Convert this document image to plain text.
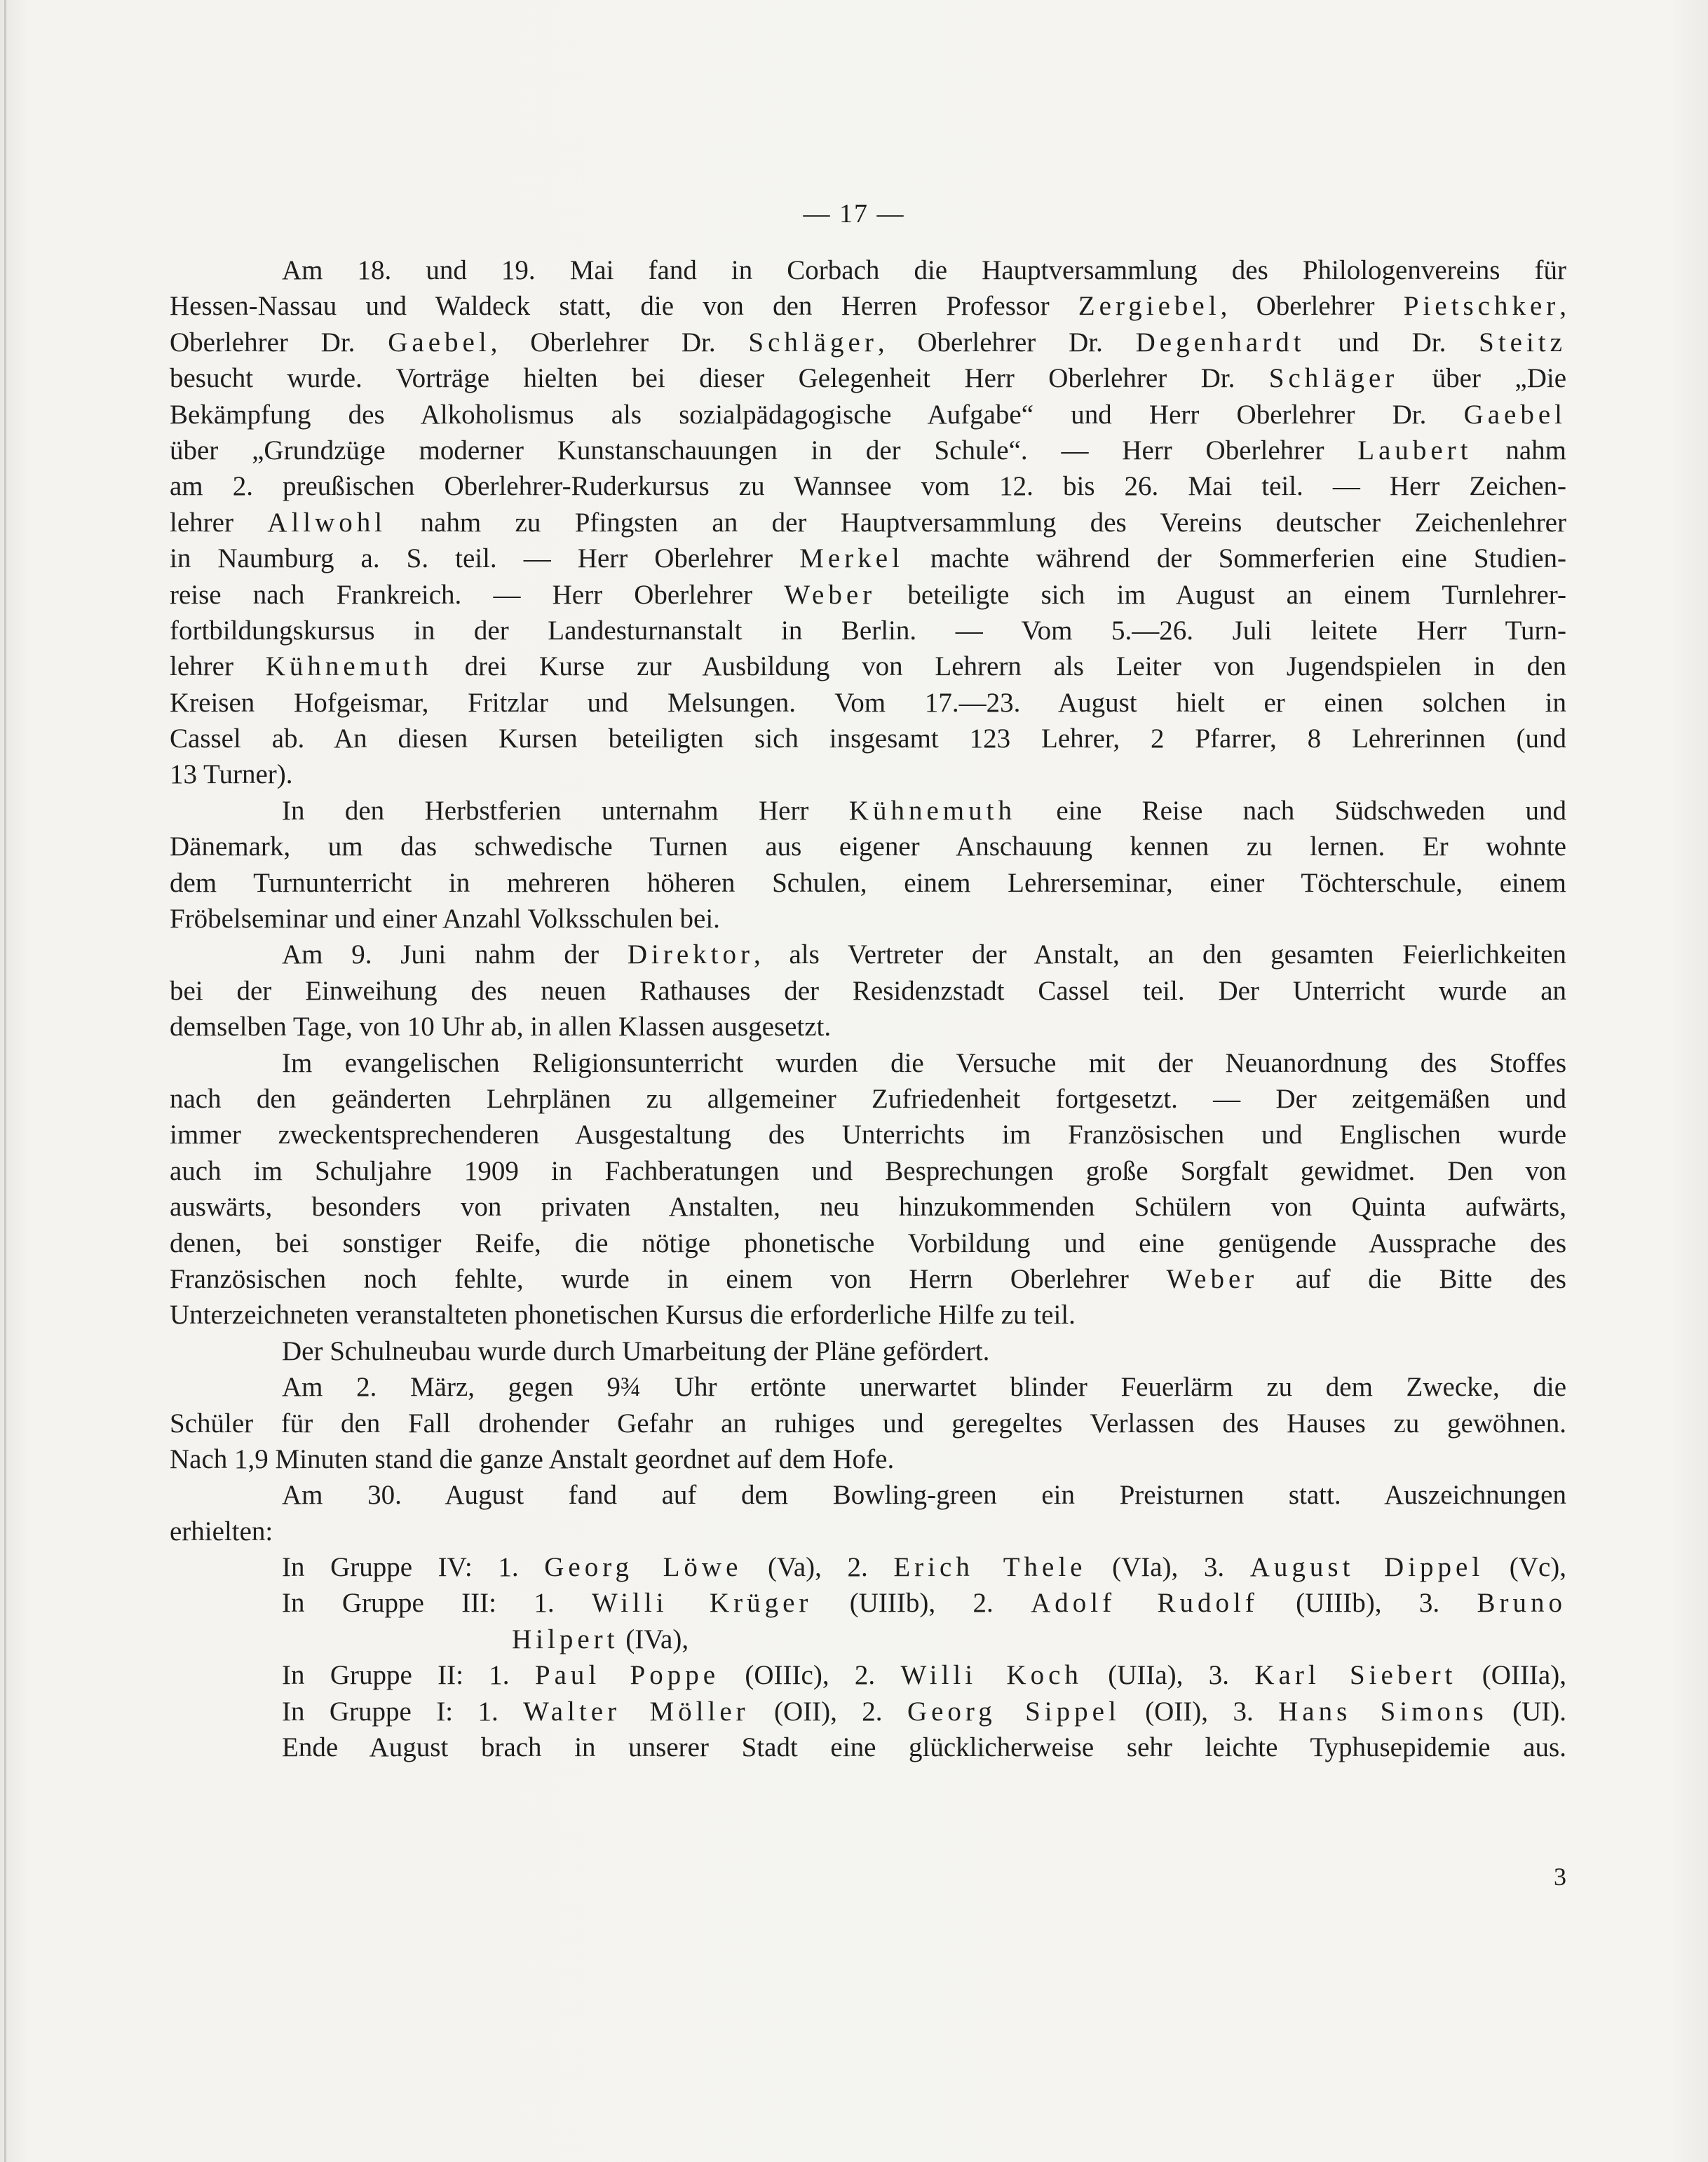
— 17 —
Am 18. und 19. Mai fand in Corbach die Hauptversammlung des Philologenvereins für
Hessen-Nassau und Waldeck statt, die von den Herren Professor Zergiebel, Oberlehrer Pietschker,
Oberlehrer Dr. Gaebel, Oberlehrer Dr. Schläger, Oberlehrer Dr. Degenhardt und Dr. Steitz
besucht wurde. Vorträge hielten bei dieser Gelegenheit Herr Oberlehrer Dr. Schläger über „Die
Bekämpfung des Alkoholismus als sozialpädagogische Aufgabe“ und Herr Oberlehrer Dr. Gaebel
über „Grundzüge moderner Kunstanschauungen in der Schule“. — Herr Oberlehrer Laubert nahm
am 2. preußischen Oberlehrer-Ruderkursus zu Wannsee vom 12. bis 26. Mai teil. — Herr Zeichen-
lehrer Allwohl nahm zu Pfingsten an der Hauptversammlung des Vereins deutscher Zeichenlehrer
in Naumburg a. S. teil. — Herr Oberlehrer Merkel machte während der Sommerferien eine Studien-
reise nach Frankreich. — Herr Oberlehrer Weber beteiligte sich im August an einem Turnlehrer-
fortbildungskursus in der Landesturnanstalt in Berlin. — Vom 5.—26. Juli leitete Herr Turn-
lehrer Kühnemuth drei Kurse zur Ausbildung von Lehrern als Leiter von Jugendspielen in den
Kreisen Hofgeismar, Fritzlar und Melsungen. Vom 17.—23. August hielt er einen solchen in
Cassel ab. An diesen Kursen beteiligten sich insgesamt 123 Lehrer, 2 Pfarrer, 8 Lehrerinnen (und
13 Turner).
In den Herbstferien unternahm Herr Kühnemuth eine Reise nach Südschweden und
Dänemark, um das schwedische Turnen aus eigener Anschauung kennen zu lernen. Er wohnte
dem Turnunterricht in mehreren höheren Schulen, einem Lehrerseminar, einer Töchterschule, einem
Fröbelseminar und einer Anzahl Volksschulen bei.
Am 9. Juni nahm der Direktor, als Vertreter der Anstalt, an den gesamten Feierlichkeiten
bei der Einweihung des neuen Rathauses der Residenzstadt Cassel teil. Der Unterricht wurde an
demselben Tage, von 10 Uhr ab, in allen Klassen ausgesetzt.
Im evangelischen Religionsunterricht wurden die Versuche mit der Neuanordnung des Stoffes
nach den geänderten Lehrplänen zu allgemeiner Zufriedenheit fortgesetzt. — Der zeitgemäßen und
immer zweckentsprechenderen Ausgestaltung des Unterrichts im Französischen und Englischen wurde
auch im Schuljahre 1909 in Fachberatungen und Besprechungen große Sorgfalt gewidmet. Den von
auswärts, besonders von privaten Anstalten, neu hinzukommenden Schülern von Quinta aufwärts,
denen, bei sonstiger Reife, die nötige phonetische Vorbildung und eine genügende Aussprache des
Französischen noch fehlte, wurde in einem von Herrn Oberlehrer Weber auf die Bitte des
Unterzeichneten veranstalteten phonetischen Kursus die erforderliche Hilfe zu teil.
Der Schulneubau wurde durch Umarbeitung der Pläne gefördert.
Am 2. März, gegen 9¾ Uhr ertönte unerwartet blinder Feuerlärm zu dem Zwecke, die
Schüler für den Fall drohender Gefahr an ruhiges und geregeltes Verlassen des Hauses zu gewöhnen.
Nach 1,9 Minuten stand die ganze Anstalt geordnet auf dem Hofe.
Am 30. August fand auf dem Bowling-green ein Preisturnen statt. Auszeichnungen
erhielten:
In Gruppe IV: 1. Georg Löwe (Va), 2. Erich Thele (VIa), 3. August Dippel (Vc),
In Gruppe III: 1. Willi Krüger (UIIIb), 2. Adolf Rudolf (UIIIb), 3. Bruno
Hilpert (IVa),
In Gruppe II: 1. Paul Poppe (OIIIc), 2. Willi Koch (UIIa), 3. Karl Siebert (OIIIa),
In Gruppe I: 1. Walter Möller (OII), 2. Georg Sippel (OII), 3. Hans Simons (UI).
Ende August brach in unserer Stadt eine glücklicherweise sehr leichte Typhusepidemie aus.
3
